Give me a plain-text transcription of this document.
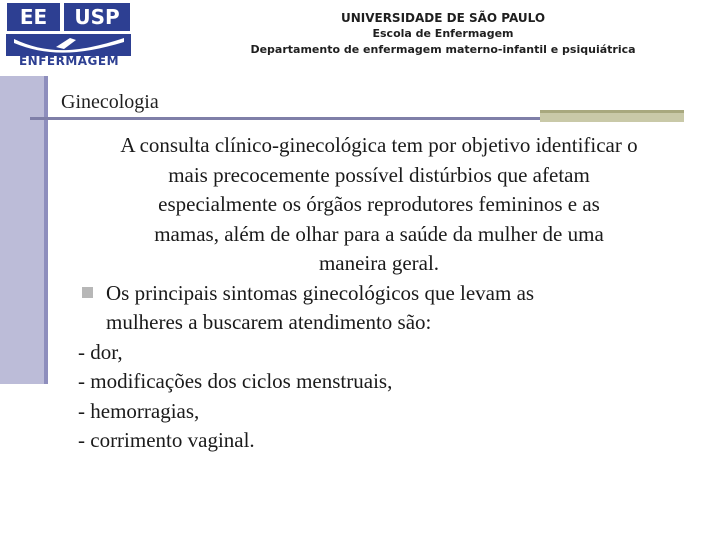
EE	USP
ENFERMAGEM
UNIVERSIDADE DE SÃO PAULO
Escola de Enfermagem
Departamento de enfermagem materno-infantil e psiquiátrica
Ginecologia
A consulta clínico-ginecológica tem por objetivo identificar o
mais precocemente possível distúrbios que afetam
especialmente os órgãos reprodutores femininos e as
mamas, além de olhar para a saúde da mulher de uma
maneira geral.
Os principais sintomas ginecológicos que levam as
mulheres a buscarem atendimento são:
- dor,
- modificações dos ciclos menstruais,
- hemorragias,
- corrimento vaginal.
